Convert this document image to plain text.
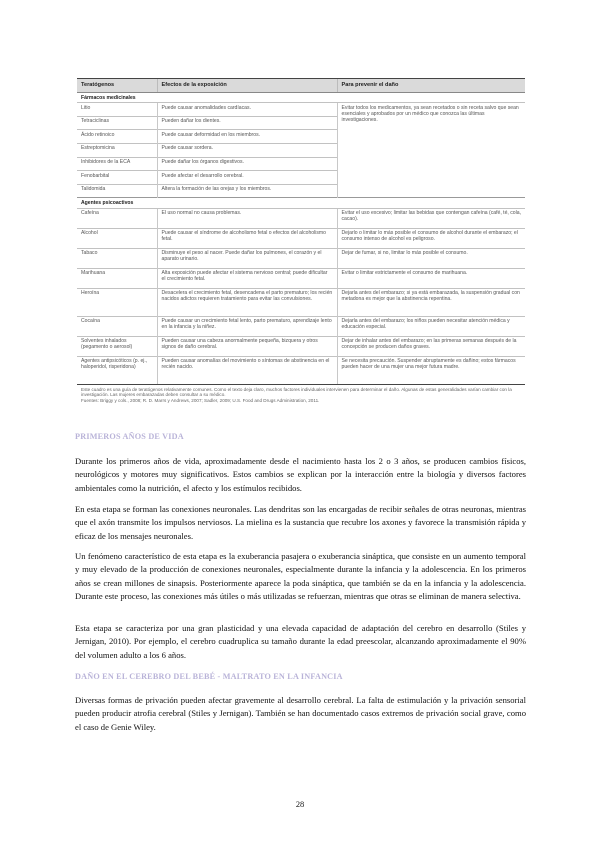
Teratógenos	Efectos de la exposición	Para prevenir el daño
Fármacos medicinales		
Litio	Puede causar anomalidades cardíacas.	Evitar todos los medicamentos, ya sean recetados o sin receta salvo que sean esenciales y aprobados por un médico que conozca las últimas investigaciones.
Tetraciclinas	Pueden dañar los dientes.	
Ácido retinoico	Puede causar deformidad en los miembros.	
Estreptomicina	Puede causar sordera.	
Inhibidores de la ECA	Puede dañar los órganos digestivos.	
Fenobarbital	Puede afectar el desarrollo cerebral.	
Talidomida	Altera la formación de las orejas y los miembros.	
Agentes psicoactivos		
Cafeína	El uso normal no causa problemas.	Evitar el uso excesivo; limitar las bebidas que contengan cafeína (café, té, cola, cacao).
Alcohol	Puede causar el síndrome de alcoholismo fetal o efectos del alcoholismo fetal.	Dejarlo o limitar lo más posible el consumo de alcohol durante el embarazo; el consumo intenso de alcohol es peligroso.
Tabaco	Disminuye el peso al nacer. Puede dañar los pulmones, el corazón y el aparato urinario.	Dejar de fumar, si no, limitar lo más posible el consumo.
Marihuana	Alta exposición puede afectar el sistema nervioso central; puede dificultar el crecimiento fetal.	Evitar o limitar estrictamente el consumo de marihuana.
Heroína	Desacelera el crecimiento fetal, desencadena el parto prematuro; los recién nacidos adictos requieren tratamiento para evitar las convulsiones.	Dejarla antes del embarazo; si ya está embarazada, la suspensión gradual con metadona es mejor que la abstinencia repentina.
Cocaína	Puede causar un crecimiento fetal lento, parto prematuro, aprendizaje lento en la infancia y la niñez.	Dejarla antes del embarazo; los niños pueden necesitar atención médica y educación especial.
Solventes inhalados (pegamento o aerosol)	Pueden causar una cabeza anormalmente pequeña, bizquera y otros signos de daño cerebral.	Dejar de inhalar antes del embarazo; en las primeras semanas después de la concepción se producen daños graves.
Agentes antipsicóticos (p. ej., haloperidol, risperidona)	Pueden causar anomalías del movimiento o síntomas de abstinencia en el recién nacido.	Se necesita precaución. Suspender abruptamente es dañino; estos fármacos pueden hacer de una mujer una mejor futura madre.
Este cuadro es una guía de teratógenos relativamente comunes. Como el texto deja claro, muchos factores individuales intervienen para determinar el daño. Algunas de estas generalidades varían cambiar con la investigación. Las mujeres embarazadas deben consultar a su médico.
Fuentes: Briggy y cols., 2008; R. D. Marrs y Andrews, 2007; Sadler, 2009; U.S. Food and Drugs Administration, 2011.
PRIMEROS AÑOS DE VIDA

Durante los primeros años de vida, aproximadamente desde el nacimiento hasta los 2 o 3 años, se producen cambios físicos, neurológicos y motores muy significativos. Estos cambios se explican por la interacción entre la biología y diversos factores ambientales como la nutrición, el afecto y los estímulos recibidos.

En esta etapa se forman las conexiones neuronales. Las dendritas son las encargadas de recibir señales de otras neuronas, mientras que el axón transmite los impulsos nerviosos. La mielina es la sustancia que recubre los axones y favorece la transmisión rápida y eficaz de los mensajes neuronales.

Un fenómeno característico de esta etapa es la exuberancia pasajera o exuberancia sináptica, que consiste en un aumento temporal y muy elevado de la producción de conexiones neuronales, especialmente durante la infancia y la adolescencia. En los primeros años se crean millones de sinapsis. Posteriormente aparece la poda sináptica, que también se da en la infancia y la adolescencia. Durante este proceso, las conexiones más útiles o más utilizadas se refuerzan, mientras que otras se eliminan de manera selectiva.

Esta etapa se caracteriza por una gran plasticidad y una elevada capacidad de adaptación del cerebro en desarrollo (Stiles y Jernigan, 2010). Por ejemplo, el cerebro cuadruplica su tamaño durante la edad preescolar, alcanzando aproximadamente el 90% del volumen adulto a los 6 años.

DAÑO EN EL CEREBRO DEL BEBÉ - MALTRATO EN LA INFANCIA

Diversas formas de privación pueden afectar gravemente al desarrollo cerebral. La falta de estimulación y la privación sensorial pueden producir atrofia cerebral (Stiles y Jernigan). También se han documentado casos extremos de privación social grave, como el caso de Genie Wiley.

28
